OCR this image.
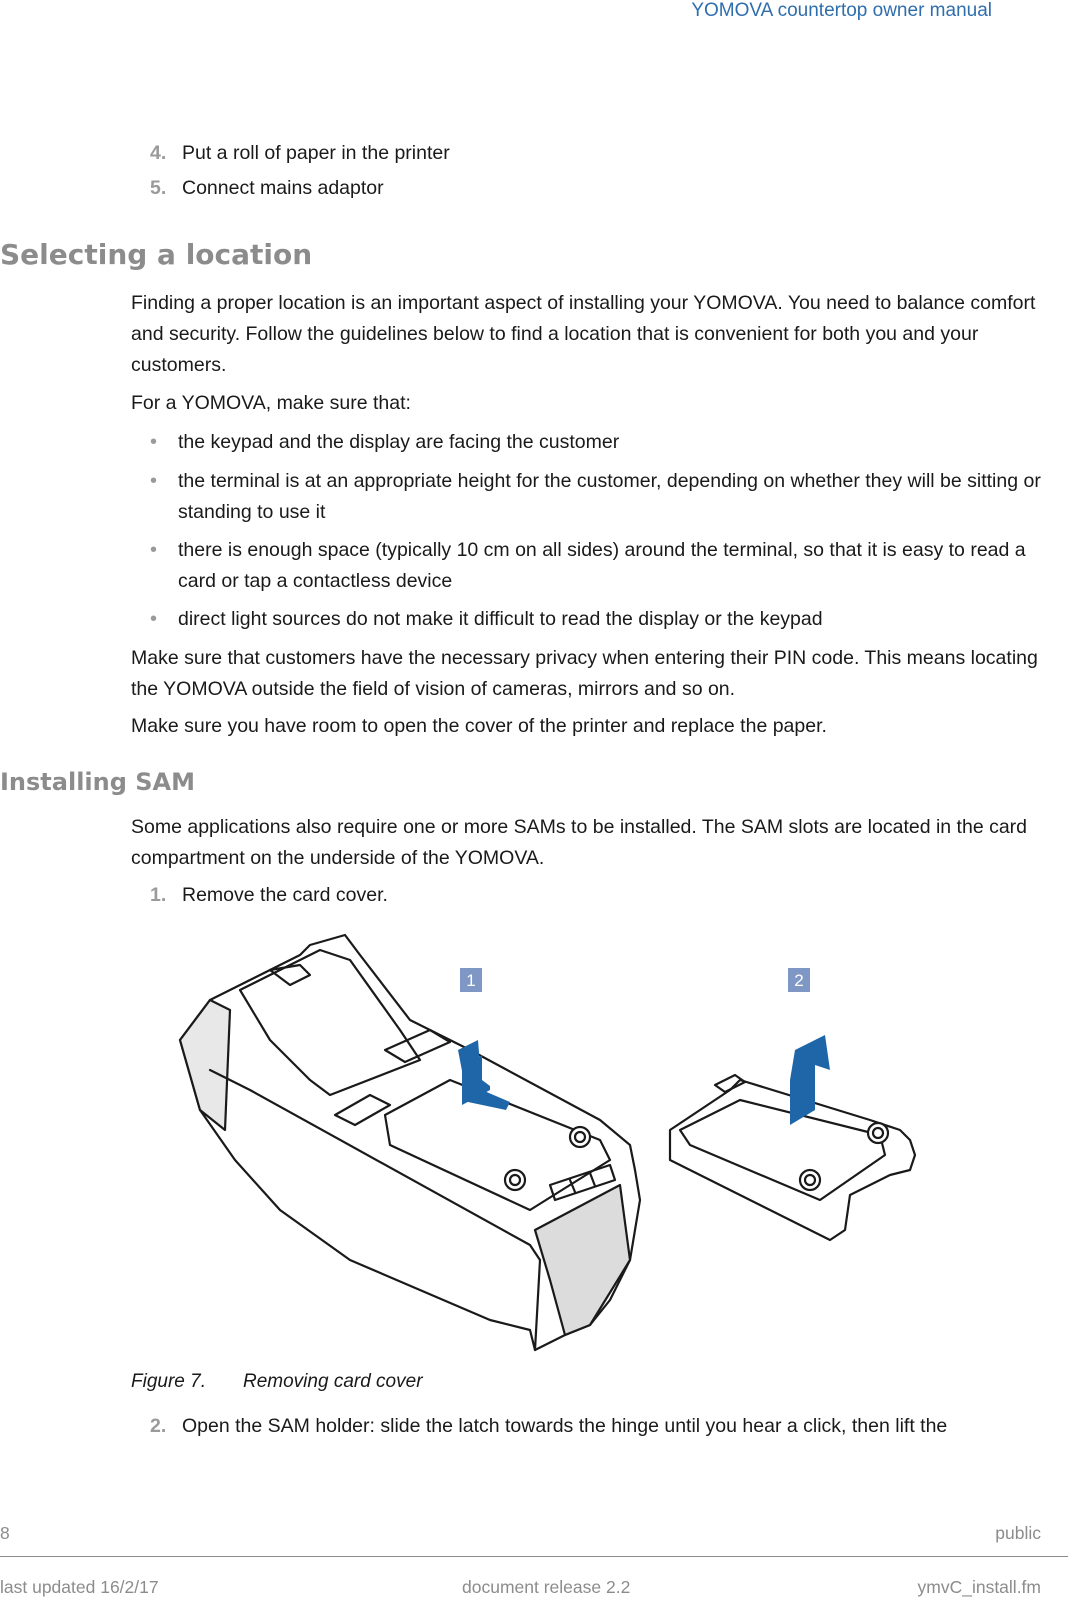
YOMOVA countertop owner manual
4. Put a roll of paper in the printer
5. Connect mains adaptor
Selecting a location
Finding a proper location is an important aspect of installing your YOMOVA. You need to balance comfort and security. Follow the guidelines below to find a location that is convenient for both you and your customers.
For a YOMOVA, make sure that:
• the keypad and the display are facing the customer
• the terminal is at an appropriate height for the customer, depending on whether they will be sitting or standing to use it
• there is enough space (typically 10 cm on all sides) around the terminal, so that it is easy to read a card or tap a contactless device
• direct light sources do not make it difficult to read the display or the keypad
Make sure that customers have the necessary privacy when entering their PIN code. This means locating the YOMOVA outside the field of vision of cameras, mirrors and so on.
Make sure you have room to open the cover of the printer and replace the paper.
Installing SAM
Some applications also require one or more SAMs to be installed. The SAM slots are located in the card compartment on the underside of the YOMOVA.
1. Remove the card cover.
1	2
Figure 7. Removing card cover
2. Open the SAM holder: slide the latch towards the hinge until you hear a click, then lift the
8	public
last updated 16/2/17	document release 2.2	ymvC_install.fm
